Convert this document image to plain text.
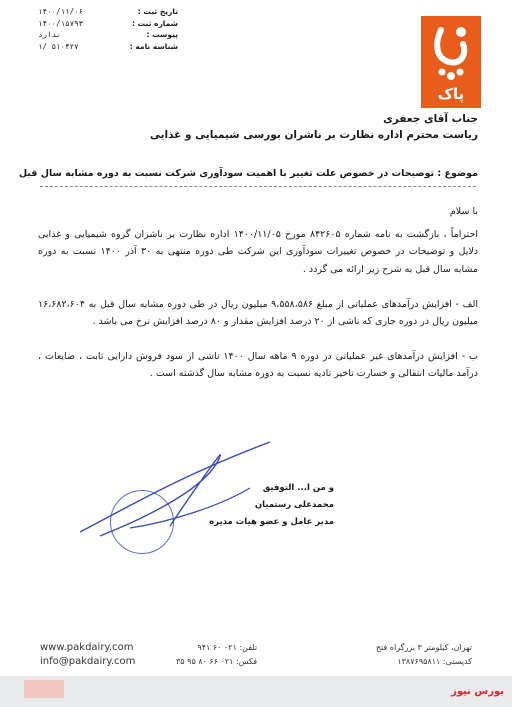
تاریخ ثبت :
۱۴۰۰/۱۱/۰۶
شماره ثبت :
۱۴۰۰/۱۵۷۹۳
پیوست :
ندارد
شناسه نامه :
۱/ ۵۱۰۴۲۷
پاک
جناب آقای جعفری
ریاست محترم اداره نظارت بر ناشران بورسی شیمیایی و غذایی
موضوع : توضیحات در خصوص علت تغییر با اهمیت سودآوری شرکت نسبت به دوره مشابه سال قبل
با سلام
احتراماً ، بازگشت به نامه شماره ۸۴۲۶۰۵ مورخ ۱۴۰۰/۱۱/۰۵ اداره نظارت بر ناشران گروه شیمیایی و غذایی دلایل و توضیحات در خصوص تغییرات سودآوری این شرکت طی دوره منتهی به ۳۰ آذر ۱۴۰۰ نسبت به دوره مشابه سال قبل به شرح زیر ارائه می گردد .
الف - افزایش درآمدهای عملیاتی از مبلغ ۹،۵۵۸،۵۸۶ میلیون ریال در طی دوره مشابه سال قبل به ۱۶،۶۸۲،۶۰۴ میلیون ریال در دوره جاری که ناشی از ۲۰ درصد افزایش مقدار و ۸۰ درصد افزایش نرخ می باشد .
ب - افزایش درآمدهای غیر عملیاتی در دوره ۹ ماهه سال ۱۴۰۰ ناشی از سود فروش دارایی ثابت ، ضایعات ، درآمد مالیات انتقالی و خسارت تاخیر تادیه نسبت به دوره مشابه سال گذشته است .
و من ا... التوفیق
محمدعلی رستمیان
مدیر عامل و عضو هیات مدیره
www.pakdairy.com
info@pakdairy.com
تلفن: ۰۲۱ ۶۰ ۹۴۱
فکس: ۰۲۱ ۶۶ ۸۰ ۹۵ ۳۵
تهران، کیلومتر ۳ بزرگراه فتح
کدپستی: ۱۳۸۷۶۹۵۸۱۱
بورس نیوز
